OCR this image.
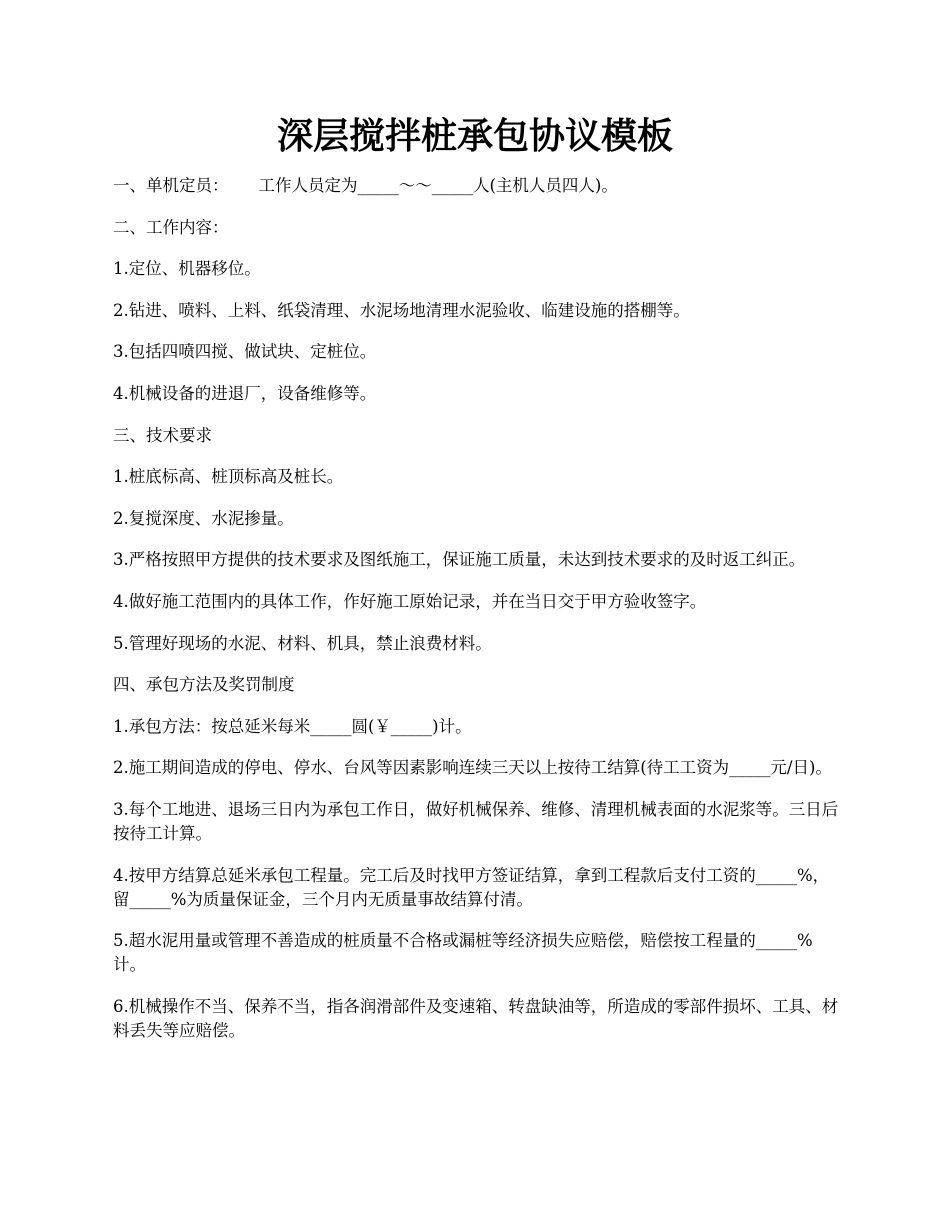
深层搅拌桩承包协议模板

一、单机定员：　　 工作人员定为_____～～_____人(主机人员四人)。

二、工作内容：

1.定位、机器移位。

2.钻进、喷料、上料、纸袋清理、水泥场地清理水泥验收、临建设施的搭棚等。

3.包括四喷四搅、做试块、定桩位。

4.机械设备的进退厂，设备维修等。

三、技术要求

1.桩底标高、桩顶标高及桩长。

2.复搅深度、水泥掺量。

3.严格按照甲方提供的技术要求及图纸施工，保证施工质量，未达到技术要求的及时返工纠正。

4.做好施工范围内的具体工作，作好施工原始记录，并在当日交于甲方验收签字。

5.管理好现场的水泥、材料、机具，禁止浪费材料。

四、承包方法及奖罚制度

1.承包方法：按总延米每米_____圆(￥_____)计。

2.施工期间造成的停电、停水、台风等因素影响连续三天以上按待工结算(待工工资为_____元/日)。

3.每个工地进、退场三日内为承包工作日，做好机械保养、维修、清理机械表面的水泥浆等。三日后按待工计算。

4.按甲方结算总延米承包工程量。完工后及时找甲方签证结算，拿到工程款后支付工资的_____%，留_____%为质量保证金，三个月内无质量事故结算付清。

5.超水泥用量或管理不善造成的桩质量不合格或漏桩等经济损失应赔偿，赔偿按工程量的_____%计。

6.机械操作不当、保养不当，指各润滑部件及变速箱、转盘缺油等，所造成的零部件损坏、工具、材料丢失等应赔偿。
